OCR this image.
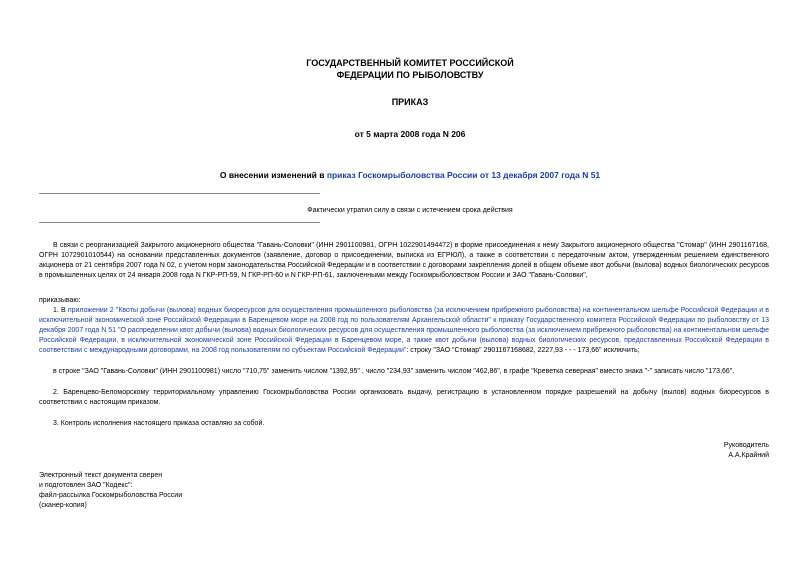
ГОСУДАРСТВЕННЫЙ КОМИТЕТ РОССИЙСКОЙ
ФЕДЕРАЦИИ ПО РЫБОЛОВСТВУ
ПРИКАЗ
от 5 марта 2008 года N 206
О внесении изменений в приказ Госкомрыболовства России от 13 декабря 2007 года N 51
Фактически утратил силу в связи с истечением срока действия

В связи с реорганизацией Закрытого акционерного общества "Гавань-Соловки" (ИНН 2901100981, ОГРН 1022901494472) в форме присоединения к нему Закрытого акционерного общества "Стомар" (ИНН 2901167168, ОГРН 1072901010544) на основании представленных документов (заявление, договор о присоединении, выписка из ЕГРЮЛ), а также в соответствии с передаточным актом, утвержденным решением единственного акционера от 21 сентября 2007 года N 02, с учетом норм законодательства Российской Федерации и в соответствии с договорами закрепления долей в общем объеме квот добычи (вылова) водных биологических ресурсов в промышленных целях от 24 января 2008 года N ГКР-РП-59, N ГКР-РП-60 и N ГКР-РП-61, заключенными между Госкомрыболовством России и ЗАО "Гавань-Соловки",

приказываю:

1. В приложении 2 "Квоты добычи (вылова) водных биоресурсов для осуществления промышленного рыболовства (за исключением прибрежного рыболовства) на континентальном шельфе Российской Федерации и в исключительной экономической зоне Российской Федерации в Баренцевом море на 2008 год по пользователям Архангельской области" к приказу Государственного комитета Российской Федерации по рыболовству от 13 декабря 2007 года N 51 "О распределении квот добычи (вылова) водных биологических ресурсов для осуществления промышленного рыболовства (за исключением прибрежного рыболовства) на континентальном шельфе Российской Федерации, в исключительной экономической зоне Российской Федерации в Баренцевом море, а также квот добычи (вылова) водных биологических ресурсов, предоставленных Российской Федерации в соответствии с международными договорами, на 2008 год пользователям по субъектам Российской Федерации": строку "ЗАО "Стомар" 2901167168682, 2227,93 - - - 173,66" исключить;

в строке "ЗАО "Гавань-Соловки" (ИНН 2901100981) число "710,75" заменить числом "1392,95" , число "234,93" заменить числом "462,86", в графе "Креветка северная" вместо знака "-" записать число "173,66".

2. Баренцево-Беломорскому территориальному управлению Госкомрыболовства России организовать выдачу, регистрацию в установленном порядке разрешений на добычу (вылов) водных биоресурсов в соответствии с настоящим приказом.

3. Контроль исполнения настоящего приказа оставляю за собой.

Руководитель
А.А.Крайний
Электронный текст документа сверен
и подготовлен ЗАО "Кодекс":
файл-рассылка Госкомрыболовства России
(сканер-копия)
